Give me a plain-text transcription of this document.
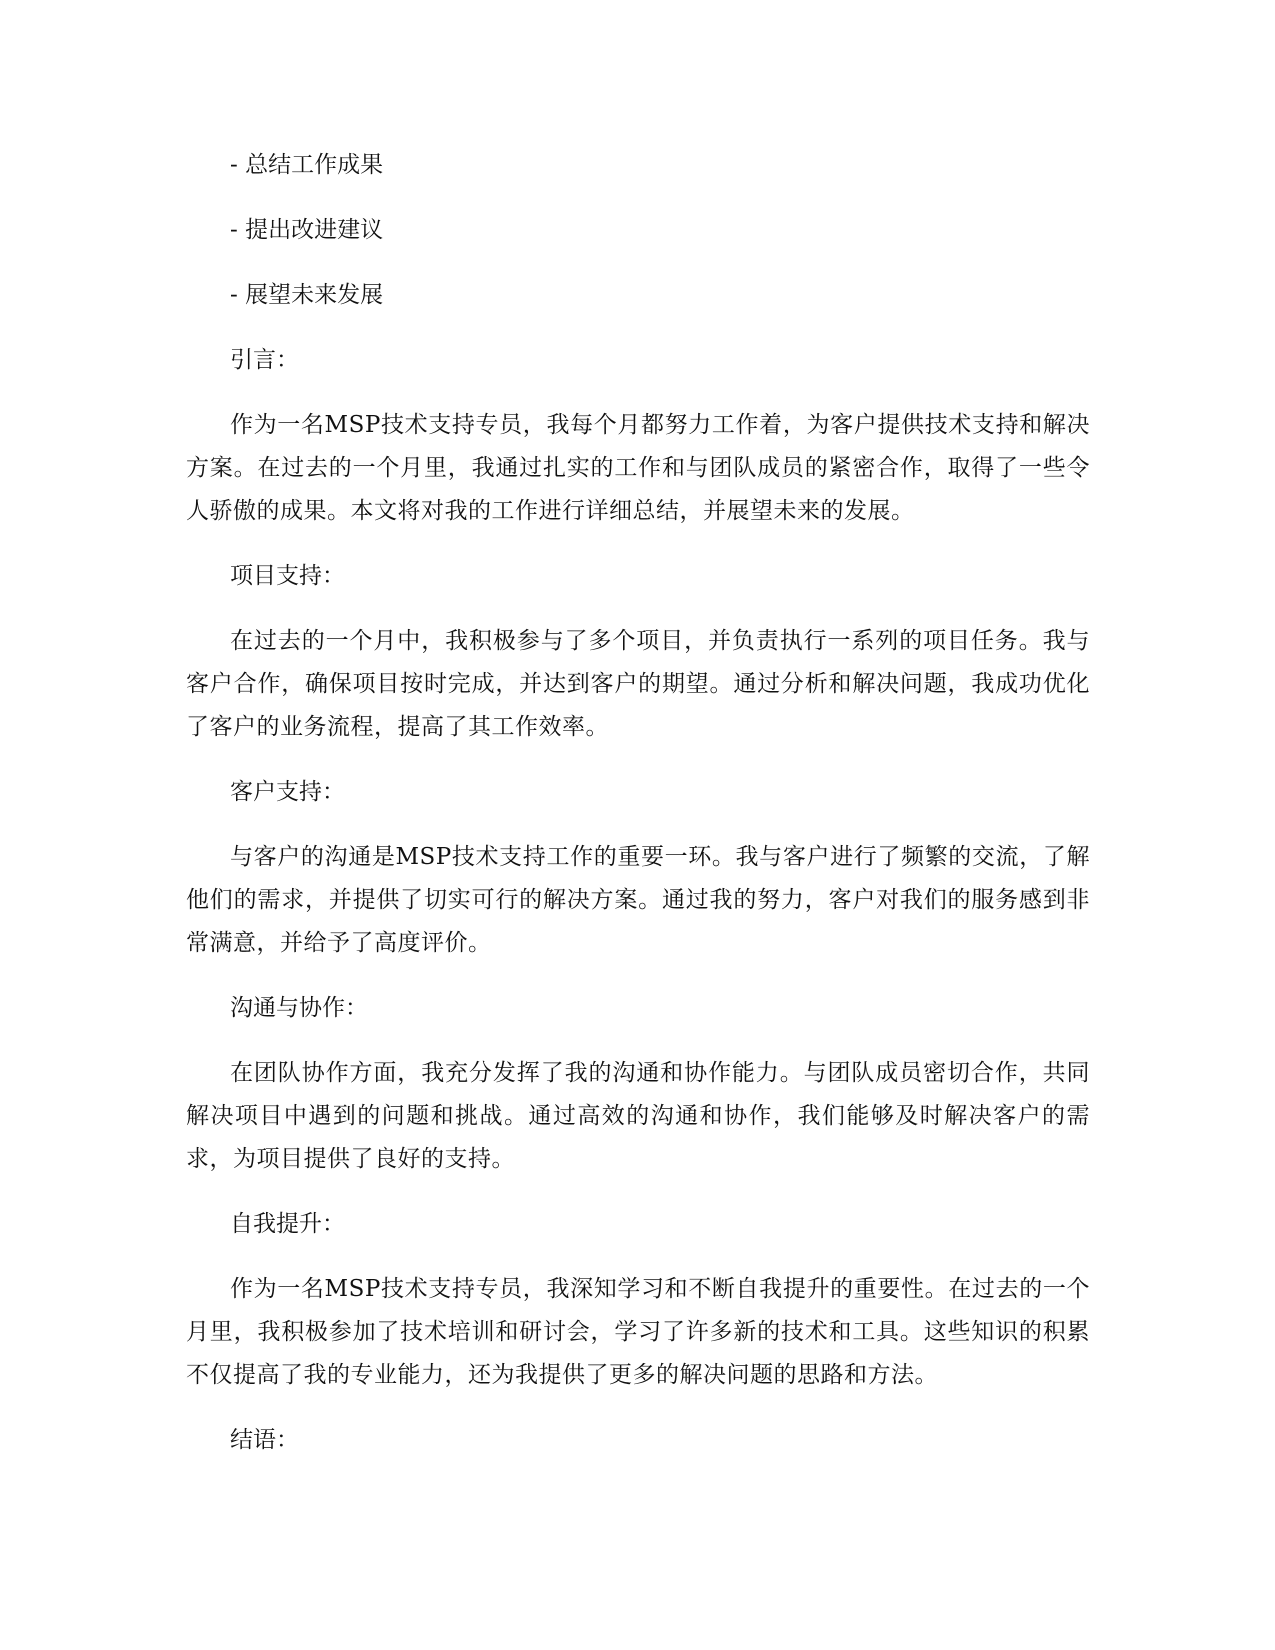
- 总结工作成果

- 提出改进建议

- 展望未来发展

引言：

作为一名MSP技术支持专员，我每个月都努力工作着，为客户提供技术支持和解决方案。在过去的一个月里，我通过扎实的工作和与团队成员的紧密合作，取得了一些令人骄傲的成果。本文将对我的工作进行详细总结，并展望未来的发展。

项目支持：

在过去的一个月中，我积极参与了多个项目，并负责执行一系列的项目任务。我与客户合作，确保项目按时完成，并达到客户的期望。通过分析和解决问题，我成功优化了客户的业务流程，提高了其工作效率。

客户支持：

与客户的沟通是MSP技术支持工作的重要一环。我与客户进行了频繁的交流，了解他们的需求，并提供了切实可行的解决方案。通过我的努力，客户对我们的服务感到非常满意，并给予了高度评价。

沟通与协作：

在团队协作方面，我充分发挥了我的沟通和协作能力。与团队成员密切合作，共同解决项目中遇到的问题和挑战。通过高效的沟通和协作，我们能够及时解决客户的需求，为项目提供了良好的支持。

自我提升：

作为一名MSP技术支持专员，我深知学习和不断自我提升的重要性。在过去的一个月里，我积极参加了技术培训和研讨会，学习了许多新的技术和工具。这些知识的积累不仅提高了我的专业能力，还为我提供了更多的解决问题的思路和方法。

结语：
